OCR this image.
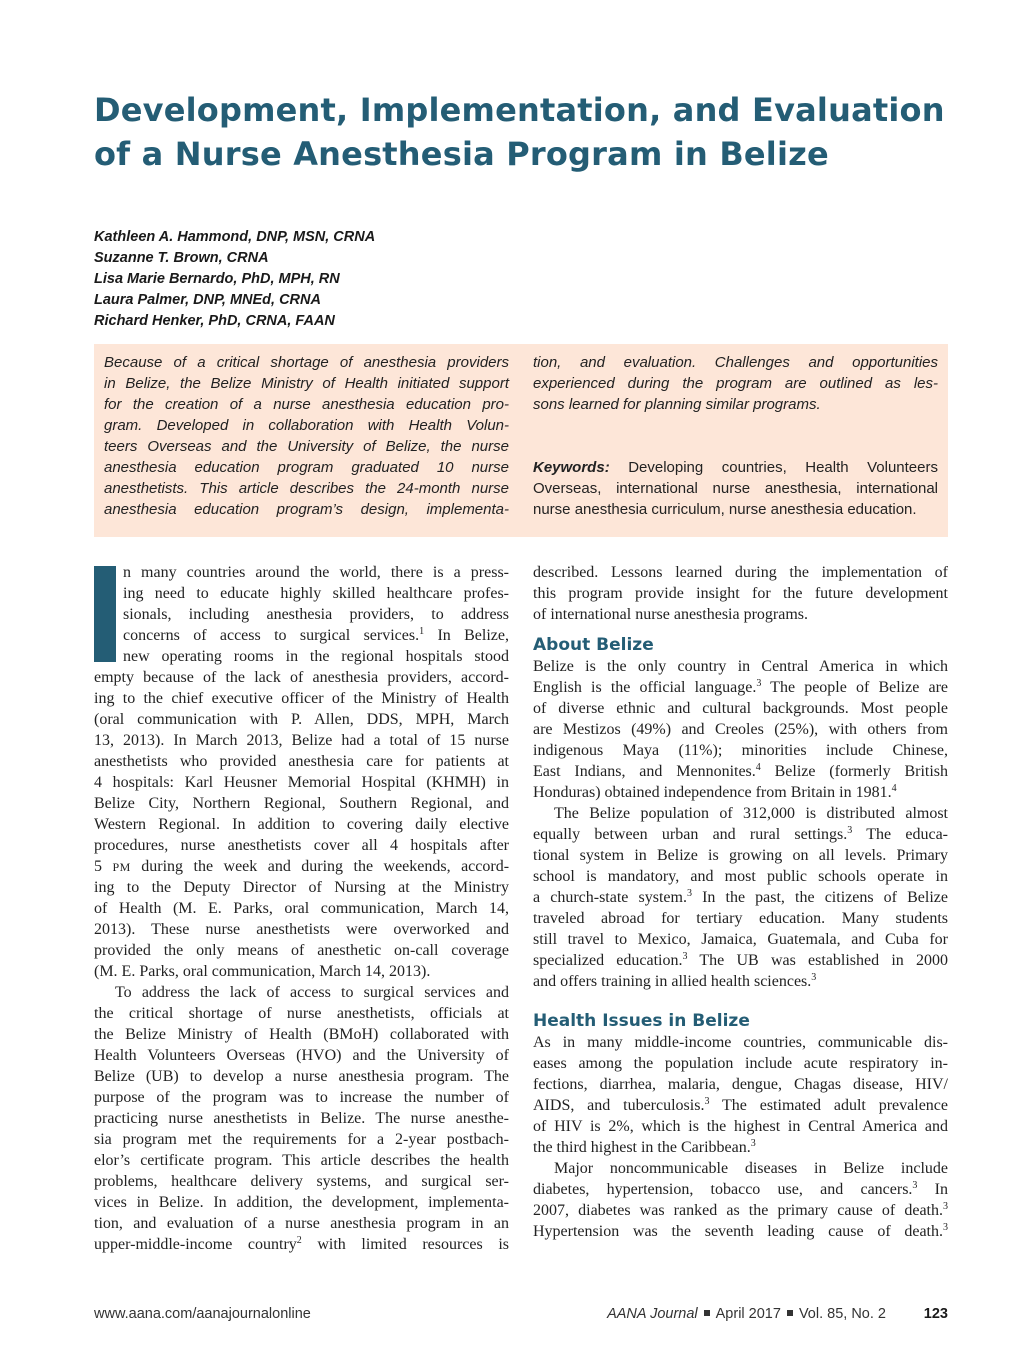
Development, Implementation, and Evaluation
of a Nurse Anesthesia Program in Belize
Kathleen A. Hammond, DNP, MSN, CRNA
Suzanne T. Brown, CRNA
Lisa Marie Bernardo, PhD, MPH, RN
Laura Palmer, DNP, MNEd, CRNA
Richard Henker, PhD, CRNA, FAAN
Because of a critical shortage of anesthesia providers
in Belize, the Belize Ministry of Health initiated support
for the creation of a nurse anesthesia education pro-
gram. Developed in collaboration with Health Volun-
teers Overseas and the University of Belize, the nurse
anesthesia education program graduated 10 nurse
anesthetists. This article describes the 24-month nurse
anesthesia education program’s design, implementa-
tion, and evaluation. Challenges and opportunities
experienced during the program are outlined as les-
sons learned for planning similar programs.
Keywords: Developing countries, Health Volunteers
Overseas, international nurse anesthesia, international
nurse anesthesia curriculum, nurse anesthesia education.
n many countries around the world, there is a press-
ing need to educate highly skilled healthcare profes-
sionals, including anesthesia providers, to address
concerns of access to surgical services.$^1$ In Belize,
new operating rooms in the regional hospitals stood
empty because of the lack of anesthesia providers, accord-
ing to the chief executive officer of the Ministry of Health
(oral communication with P. Allen, DDS, MPH, March
13, 2013). In March 2013, Belize had a total of 15 nurse
anesthetists who provided anesthesia care for patients at
4 hospitals: Karl Heusner Memorial Hospital (KHMH) in
Belize City, Northern Regional, Southern Regional, and
Western Regional. In addition to covering daily elective
procedures, nurse anesthetists cover all 4 hospitals after
5 PM during the week and during the weekends, accord-
ing to the Deputy Director of Nursing at the Ministry
of Health (M. E. Parks, oral communication, March 14,
2013). These nurse anesthetists were overworked and
provided the only means of anesthetic on-call coverage
(M. E. Parks, oral communication, March 14, 2013).
To address the lack of access to surgical services and
the critical shortage of nurse anesthetists, officials at
the Belize Ministry of Health (BMoH) collaborated with
Health Volunteers Overseas (HVO) and the University of
Belize (UB) to develop a nurse anesthesia program. The
purpose of the program was to increase the number of
practicing nurse anesthetists in Belize. The nurse anesthe-
sia program met the requirements for a 2-year postbach-
elor’s certificate program. This article describes the health
problems, healthcare delivery systems, and surgical ser-
vices in Belize. In addition, the development, implementa-
tion, and evaluation of a nurse anesthesia program in an
upper-middle-income country$^2$ with limited resources is
described. Lessons learned during the implementation of
this program provide insight for the future development
of international nurse anesthesia programs.
About Belize
Belize is the only country in Central America in which
English is the official language.$^3$ The people of Belize are
of diverse ethnic and cultural backgrounds. Most people
are Mestizos (49%) and Creoles (25%), with others from
indigenous Maya (11%); minorities include Chinese,
East Indians, and Mennonites.$^4$ Belize (formerly British
Honduras) obtained independence from Britain in 1981.$^4$
The Belize population of 312,000 is distributed almost
equally between urban and rural settings.$^3$ The educa-
tional system in Belize is growing on all levels. Primary
school is mandatory, and most public schools operate in
a church-state system.$^3$ In the past, the citizens of Belize
traveled abroad for tertiary education. Many students
still travel to Mexico, Jamaica, Guatemala, and Cuba for
specialized education.$^3$ The UB was established in 2000
and offers training in allied health sciences.$^3$
Health Issues in Belize
As in many middle-income countries, communicable dis-
eases among the population include acute respiratory in-
fections, diarrhea, malaria, dengue, Chagas disease, HIV/
AIDS, and tuberculosis.$^3$ The estimated adult prevalence
of HIV is 2%, which is the highest in Central America and
the third highest in the Caribbean.$^3$
Major noncommunicable diseases in Belize include
diabetes, hypertension, tobacco use, and cancers.$^3$ In
2007, diabetes was ranked as the primary cause of death.$^3$
Hypertension was the seventh leading cause of death.$^3$
www.aana.com/aanajournalonline	AANA Journal April 2017 Vol. 85, No. 2	123
